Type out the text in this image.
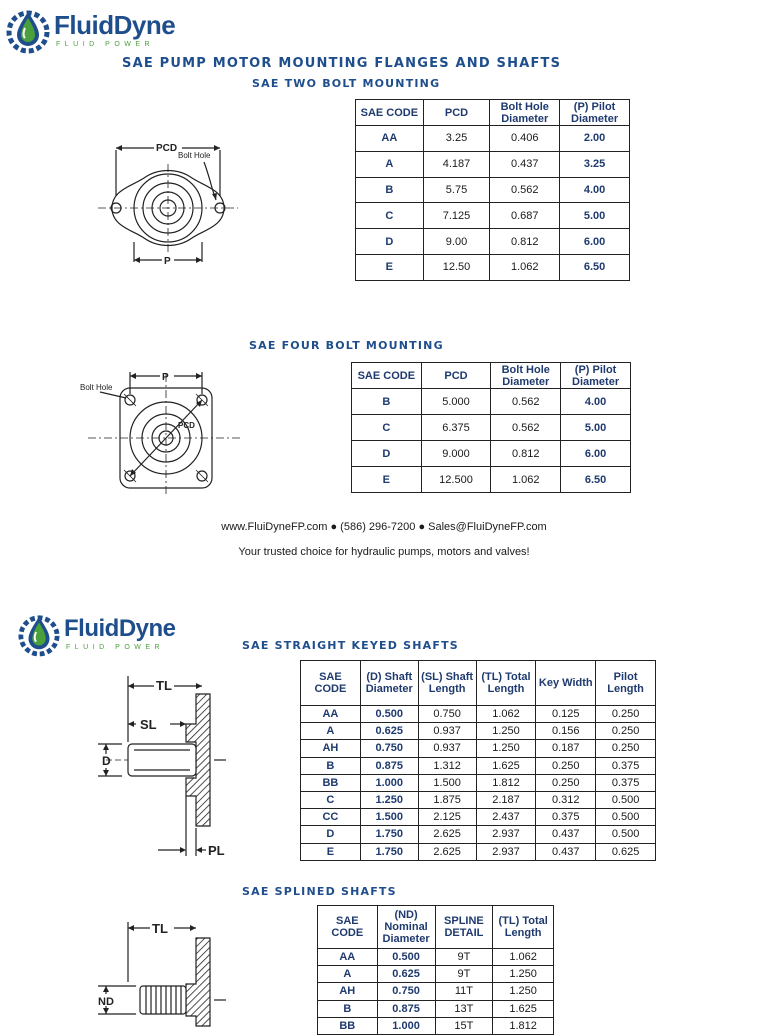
FluidDyne
FLUID POWER
SAE PUMP MOTOR MOUNTING FLANGES AND SHAFTS
SAE TWO BOLT MOUNTING
PCD
Bolt Hole
P
SAE CODE	PCD	Bolt Hole Diameter	(P) Pilot Diameter
AA	3.25	0.406	2.00
A	4.187	0.437	3.25
B	5.75	0.562	4.00
C	7.125	0.687	5.00
D	9.00	0.812	6.00
E	12.50	1.062	6.50
SAE FOUR BOLT MOUNTING
Bolt Hole
P
PCD
SAE CODE	PCD	Bolt Hole Diameter	(P) Pilot Diameter
B	5.000	0.562	4.00
C	6.375	0.562	5.00
D	9.000	0.812	6.00
E	12.500	1.062	6.50
www.FluiDyneFP.com ● (586) 296-7200 ● Sales@FluiDyneFP.com
Your trusted choice for hydraulic pumps, motors and valves!
FluidDyne
FLUID POWER	SAE STRAIGHT KEYED SHAFTS
TL
SL
D
PL
SAE CODE	(D) Shaft Diameter	(SL) Shaft Length	(TL) Total Length	Key Width	Pilot Length
AA	0.500	0.750	1.062	0.125	0.250
A	0.625	0.937	1.250	0.156	0.250
AH	0.750	0.937	1.250	0.187	0.250
B	0.875	1.312	1.625	0.250	0.375
BB	1.000	1.500	1.812	0.250	0.375
C	1.250	1.875	2.187	0.312	0.500
CC	1.500	2.125	2.437	0.375	0.500
D	1.750	2.625	2.937	0.437	0.500
E	1.750	2.625	2.937	0.437	0.625
SAE SPLINED SHAFTS
TL
ND
SAE CODE	(ND) Nominal Diameter	SPLINE DETAIL	(TL) Total Length
AA	0.500	9T	1.062
A	0.625	9T	1.250
AH	0.750	11T	1.250
B	0.875	13T	1.625
BB	1.000	15T	1.812
